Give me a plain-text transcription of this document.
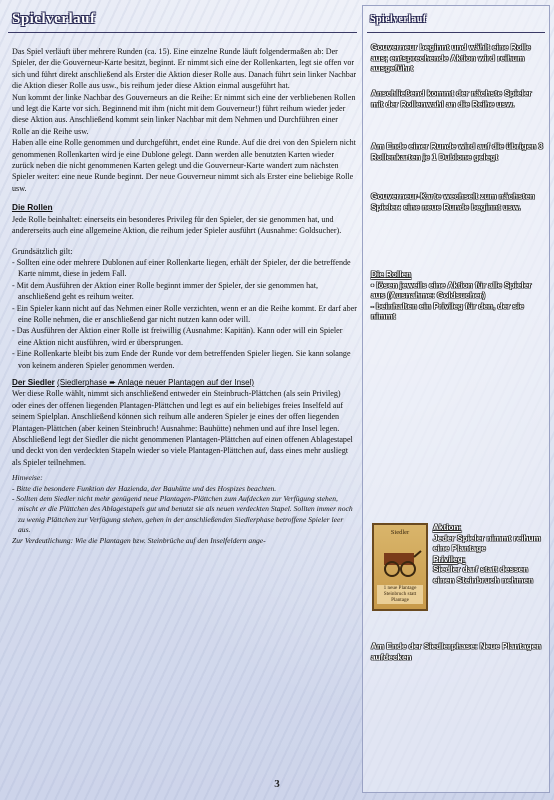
Spielverlauf

Das Spiel verläuft über mehrere Runden (ca. 15). Eine einzelne Runde läuft folgendermaßen ab: Der Spieler, der die Gouverneur-Karte besitzt, beginnt. Er nimmt sich eine der Rollenkarten, legt sie offen vor sich und führt direkt anschließend als Erster die Aktion dieser Rolle aus. Danach führt sein linker Nachbar die Aktion dieser Rolle aus usw., bis reihum jeder diese Aktion einmal ausgeführt hat.

Nun kommt der linke Nachbar des Gouverneurs an die Reihe: Er nimmt sich eine der verbliebenen Rollen und legt die Karte vor sich. Beginnend mit ihm (nicht mit dem Gouverneur!) führt reihum wieder jeder diese Aktion aus. Anschließend kommt sein linker Nachbar mit dem Nehmen und Durchführen einer Rolle an die Reihe usw.

Haben alle eine Rolle genommen und durchgeführt, endet eine Runde. Auf die drei von den Spielern nicht genommenen Rollenkarten wird je eine Dublone gelegt. Dann werden alle benutzten Karten wieder zurück neben die nicht genommenen Karten gelegt und die Gouverneur-Karte wandert zum nächsten Spieler weiter: eine neue Runde beginnt. Der neue Gouverneur nimmt sich als Erster eine beliebige Rolle usw.

Die Rollen

Jede Rolle beinhaltet: einerseits ein besonderes Privileg für den Spieler, der sie genommen hat, und andererseits auch eine allgemeine Aktion, die reihum jeder Spieler ausführt (Ausnahme: Goldsucher).

Grundsätzlich gilt:

- Sollten eine oder mehrere Dublonen auf einer Rollenkarte liegen, erhält der Spieler, der die betreffende Karte nimmt, diese in jedem Fall.

- Mit dem Ausführen der Aktion einer Rolle beginnt immer der Spieler, der sie genommen hat, anschließend geht es reihum weiter.

- Ein Spieler kann nicht auf das Nehmen einer Rolle verzichten, wenn er an die Reihe kommt. Er darf aber eine Rolle nehmen, die er anschließend gar nicht nutzen kann oder will.

- Das Ausführen der Aktion einer Rolle ist freiwillig (Ausnahme: Kapitän). Kann oder will ein Spieler eine Aktion nicht ausführen, wird er übersprungen.

- Eine Rollenkarte bleibt bis zum Ende der Runde vor dem betreffenden Spieler liegen. Sie kann solange von keinem anderen Spieler genommen werden.

Der Siedler (Siedlerphase ➨ Anlage neuer Plantagen auf der Insel)

Wer diese Rolle wählt, nimmt sich anschließend entweder ein Steinbruch-Plättchen (als sein Privileg) oder eines der offenen liegenden Plantagen-Plättchen und legt es auf ein beliebiges freies Inselfeld auf seinem Spielplan. Anschließend können sich reihum alle anderen Spieler je eines der offen liegenden Plantagen-Plättchen (aber keinen Steinbruch! Ausnahme: Bauhütte) nehmen und auf ihre Insel legen.

Abschließend legt der Siedler die nicht genommenen Plantagen-Plättchen auf einen offenen Ablagestapel und deckt von den verdeckten Stapeln wieder so viele Plantagen-Plättchen auf, dass eines mehr ausliegt als Spieler teilnehmen.

Hinweise:

- Bitte die besondere Funktion der Hazienda, der Bauhütte und des Hospizes beachten.

- Sollten dem Siedler nicht mehr genügend neue Plantagen-Plättchen zum Aufdecken zur Verfügung stehen, mischt er die Plättchen des Ablagestapels gut und benutzt sie als neuen verdeckten Stapel. Sollten immer noch zu wenig Plättchen zur Verfügung stehen, gehen in der anschließenden Siedlerphase betroffene Spieler leer aus.

Zur Verdeutlichung: Wie die Plantagen bzw. Steinbrüche auf den Inselfeldern ange-

Spielverlauf

Gouverneur beginnt und wählt eine Rolle aus; entsprechende Aktion wird reihum ausgeführt

Anschließend kommt der nächste Spieler mit der Rollenwahl an die Reihe usw.

Am Ende einer Runde wird auf die übrigen 3 Rollenkarten je 1 Dublone gelegt

Gouverneur-Karte wechselt zum nächsten Spieler: eine neue Runde beginnt usw.

Die Rollen

• lösen jeweils eine Aktion für alle Spieler aus (Ausnahme: Goldsucher)

- beinhalten ein Privileg für den, der sie nimmt

Aktion:

Jeder Spieler nimmt reihum eine Plantage

Privileg:

Siedler darf statt dessen einen Steinbruch nehmen

Am Ende der Siedlerphase: Neue Plantagen aufdecken

Siedler
1 neue Plantage Steinbruch statt Plantage
3
